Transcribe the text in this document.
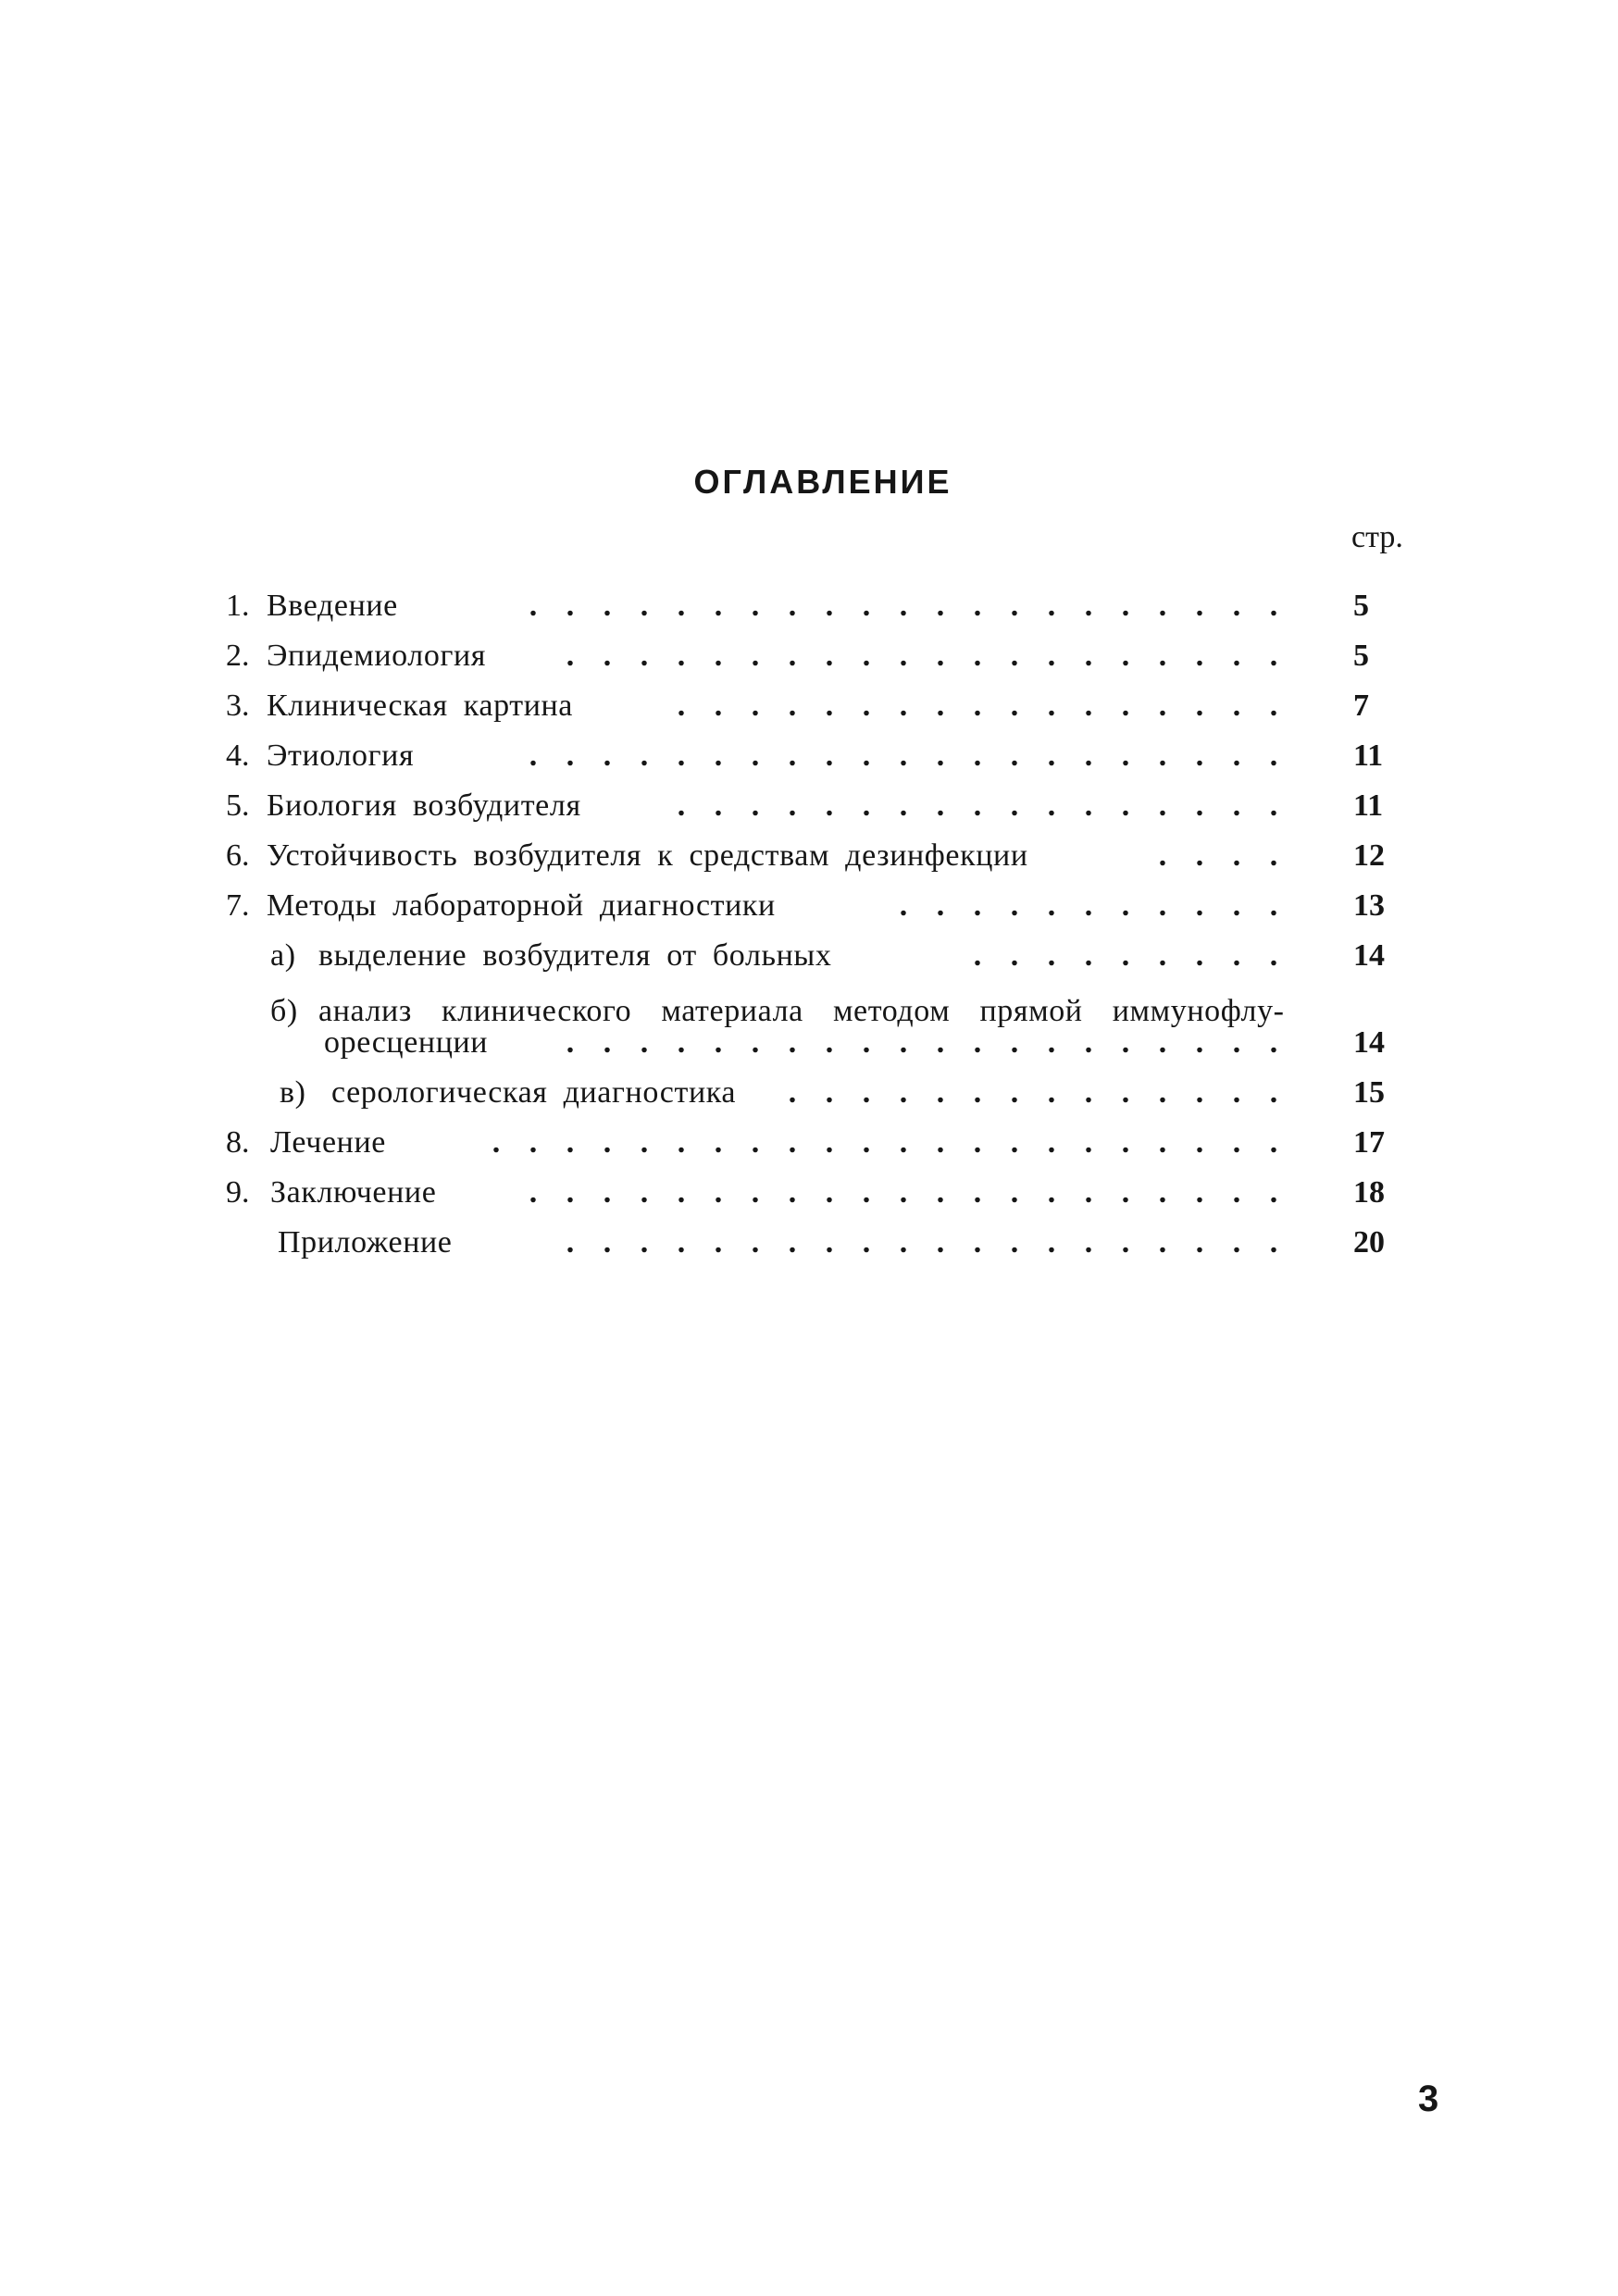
ОГЛАВЛЕНИЕ
стр.
1. Введение	. . . . . . . . . . . . . . . . . . . . .	5
2. Эпидемиология	. . . . . . . . . . . . . . . . . . . .	5
3. Клиническая картина	. . . . . . . . . . . . . . . . .	7
4. Этиология	. . . . . . . . . . . . . . . . . . . . .	11
5. Биология возбудителя	. . . . . . . . . . . . . . . . .	11
6. Устойчивость возбудителя к средствам дезинфекции	. . . .	12
7. Методы лабораторной диагностики	. . . . . . . . . . .	13
а) выделение возбудителя от больных	. . . . . . . . .	14
б) анализ клинического материала методом прямой иммунофлу-
оресценции	. . . . . . . . . . . . . . . . . . . .	14
в) серологическая диагностика	. . . . . . . . . . . . . .	15
8. Лечение	. . . . . . . . . . . . . . . . . . . . . .	17
9. Заключение	. . . . . . . . . . . . . . . . . . . . .	18
Приложение	. . . . . . . . . . . . . . . . . . . .	20
3
